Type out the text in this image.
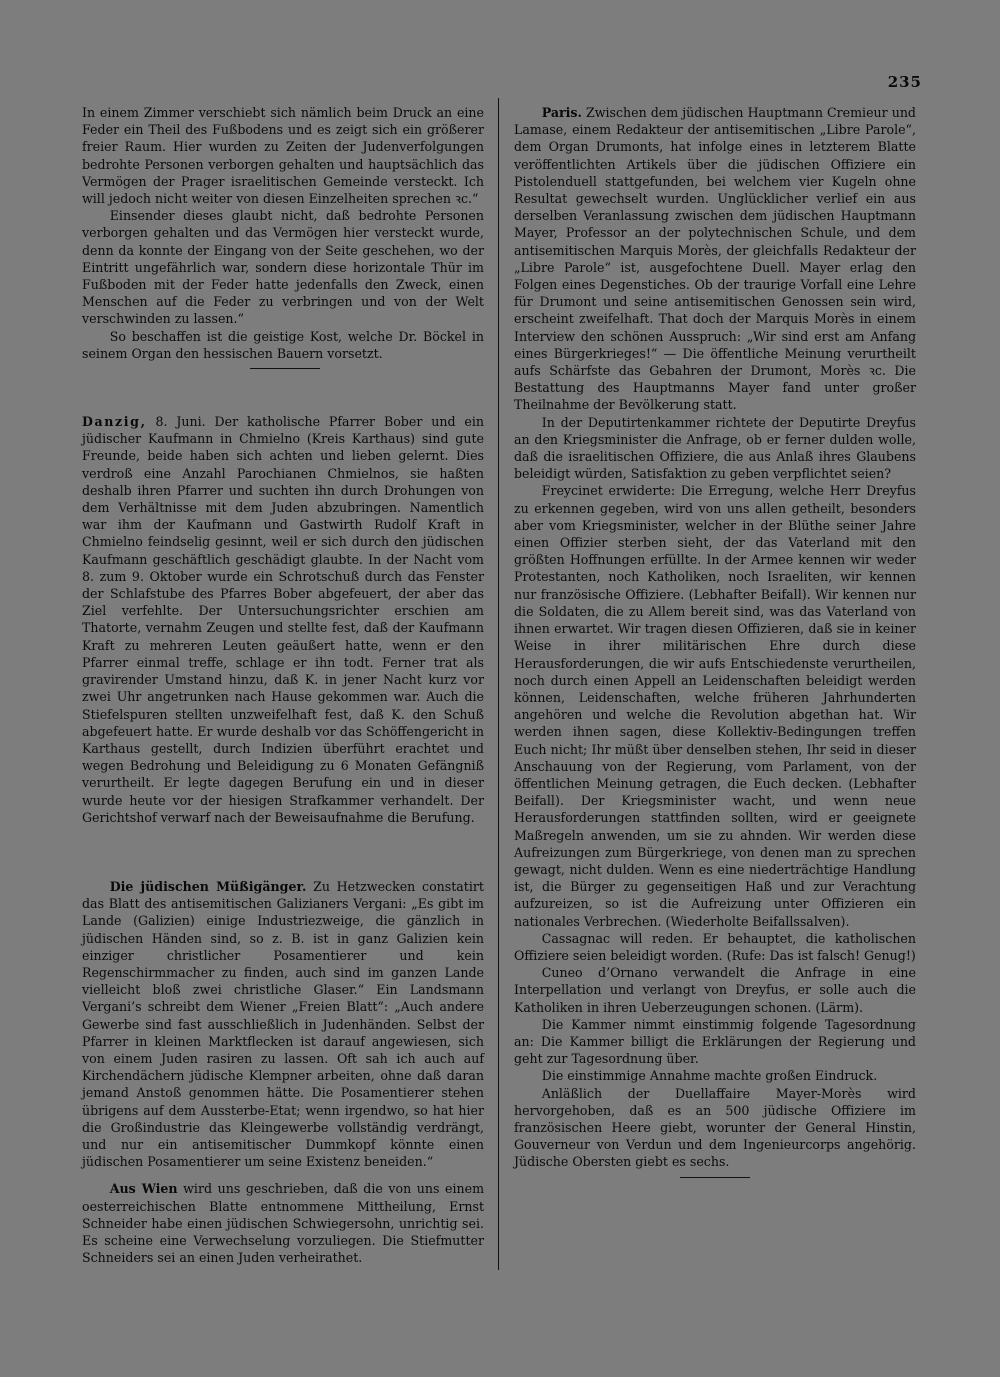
235

In einem Zimmer verschiebt sich nämlich beim Druck an eine Feder ein Theil des Fußbodens und es zeigt sich ein größerer freier Raum. Hier wurden zu Zeiten der Judenverfolgungen bedrohte Personen verborgen gehalten und hauptsächlich das Vermögen der Prager israelitischen Gemeinde versteckt. Ich will jedoch nicht weiter von diesen Einzelheiten sprechen ꝛc.“

Einsender dieses glaubt nicht, daß bedrohte Personen verborgen gehalten und das Vermögen hier versteckt wurde, denn da konnte der Eingang von der Seite geschehen, wo der Eintritt ungefährlich war, sondern diese horizontale Thür im Fußboden mit der Feder hatte jedenfalls den Zweck, einen Menschen auf die Feder zu verbringen und von der Welt verschwinden zu lassen.“

So beschaffen ist die geistige Kost, welche Dr. Böckel in seinem Organ den hessischen Bauern vorsetzt.

Danzig, 8. Juni. Der katholische Pfarrer Bober und ein jüdischer Kaufmann in Chmielno (Kreis Karthaus) sind gute Freunde, beide haben sich achten und lieben gelernt. Dies verdroß eine Anzahl Parochianen Chmielnos, sie haßten deshalb ihren Pfarrer und suchten ihn durch Drohungen von dem Verhältnisse mit dem Juden abzubringen. Namentlich war ihm der Kaufmann und Gastwirth Rudolf Kraft in Chmielno feindselig gesinnt, weil er sich durch den jüdischen Kaufmann geschäftlich geschädigt glaubte. In der Nacht vom 8. zum 9. Oktober wurde ein Schrotschuß durch das Fenster der Schlafstube des Pfarres Bober abgefeuert, der aber das Ziel verfehlte. Der Untersuchungsrichter erschien am Thatorte, vernahm Zeugen und stellte fest, daß der Kaufmann Kraft zu mehreren Leuten geäußert hatte, wenn er den Pfarrer einmal treffe, schlage er ihn todt. Ferner trat als gravirender Umstand hinzu, daß K. in jener Nacht kurz vor zwei Uhr angetrunken nach Hause gekommen war. Auch die Stiefelspuren stellten unzweifelhaft fest, daß K. den Schuß abgefeuert hatte. Er wurde deshalb vor das Schöffengericht in Karthaus gestellt, durch Indizien überführt erachtet und wegen Bedrohung und Beleidigung zu 6 Monaten Gefängniß verurtheilt. Er legte dagegen Berufung ein und in dieser wurde heute vor der hiesigen Strafkammer verhandelt. Der Gerichtshof verwarf nach der Beweisaufnahme die Berufung.

Die jüdischen Müßigänger. Zu Hetzwecken constatirt das Blatt des antisemitischen Galizianers Vergani: „Es gibt im Lande (Galizien) einige Industriezweige, die gänzlich in jüdischen Händen sind, so z. B. ist in ganz Galizien kein einziger christlicher Posamentierer und kein Regenschirmmacher zu finden, auch sind im ganzen Lande vielleicht bloß zwei christliche Glaser.“ Ein Landsmann Vergani’s schreibt dem Wiener „Freien Blatt“: „Auch andere Gewerbe sind fast ausschließlich in Judenhänden. Selbst der Pfarrer in kleinen Marktflecken ist darauf angewiesen, sich von einem Juden rasiren zu lassen. Oft sah ich auch auf Kirchendächern jüdische Klempner arbeiten, ohne daß daran jemand Anstoß genommen hätte. Die Posamentierer stehen übrigens auf dem Aussterbe-Etat; wenn irgendwo, so hat hier die Großindustrie das Kleingewerbe vollständig verdrängt, und nur ein antisemitischer Dummkopf könnte einen jüdischen Posamentierer um seine Existenz beneiden.“

Aus Wien wird uns geschrieben, daß die von uns einem oesterreichischen Blatte entnommene Mittheilung, Ernst Schneider habe einen jüdischen Schwiegersohn, unrichtig sei. Es scheine eine Verwechselung vorzuliegen. Die Stiefmutter Schneiders sei an einen Juden verheirathet.

Paris. Zwischen dem jüdischen Hauptmann Cremieur und Lamase, einem Redakteur der antisemitischen „Libre Parole“, dem Organ Drumonts, hat infolge eines in letzterem Blatte veröffentlichten Artikels über die jüdischen Offiziere ein Pistolenduell stattgefunden, bei welchem vier Kugeln ohne Resultat gewechselt wurden. Unglücklicher verlief ein aus derselben Veranlassung zwischen dem jüdischen Hauptmann Mayer, Professor an der polytechnischen Schule, und dem antisemitischen Marquis Morès, der gleichfalls Redakteur der „Libre Parole“ ist, ausgefochtene Duell. Mayer erlag den Folgen eines Degenstiches. Ob der traurige Vorfall eine Lehre für Drumont und seine antisemitischen Genossen sein wird, erscheint zweifelhaft. That doch der Marquis Morès in einem Interview den schönen Ausspruch: „Wir sind erst am Anfang eines Bürgerkrieges!“ — Die öffentliche Meinung verurtheilt aufs Schärfste das Gebahren der Drumont, Morès ꝛc. Die Bestattung des Hauptmanns Mayer fand unter großer Theilnahme der Bevölkerung statt.

In der Deputirtenkammer richtete der Deputirte Dreyfus an den Kriegsminister die Anfrage, ob er ferner dulden wolle, daß die israelitischen Offiziere, die aus Anlaß ihres Glaubens beleidigt würden, Satisfaktion zu geben verpflichtet seien?

Freycinet erwiderte: Die Erregung, welche Herr Dreyfus zu erkennen gegeben, wird von uns allen getheilt, besonders aber vom Kriegsminister, welcher in der Blüthe seiner Jahre einen Offizier sterben sieht, der das Vaterland mit den größten Hoffnungen erfüllte. In der Armee kennen wir weder Protestanten, noch Katholiken, noch Israeliten, wir kennen nur französische Offiziere. (Lebhafter Beifall). Wir kennen nur die Soldaten, die zu Allem bereit sind, was das Vaterland von ihnen erwartet. Wir tragen diesen Offizieren, daß sie in keiner Weise in ihrer militärischen Ehre durch diese Herausforderungen, die wir aufs Entschiedenste verurtheilen, noch durch einen Appell an Leidenschaften beleidigt werden können, Leidenschaften, welche früheren Jahrhunderten angehören und welche die Revolution abgethan hat. Wir werden ihnen sagen, diese Kollektiv-Bedingungen treffen Euch nicht; Ihr müßt über denselben stehen, Ihr seid in dieser Anschauung von der Regierung, vom Parlament, von der öffentlichen Meinung getragen, die Euch decken. (Lebhafter Beifall). Der Kriegsminister wacht, und wenn neue Herausforderungen stattfinden sollten, wird er geeignete Maßregeln anwenden, um sie zu ahnden. Wir werden diese Aufreizungen zum Bürgerkriege, von denen man zu sprechen gewagt, nicht dulden. Wenn es eine niederträchtige Handlung ist, die Bürger zu gegenseitigen Haß und zur Verachtung aufzureizen, so ist die Aufreizung unter Offizieren ein nationales Verbrechen. (Wiederholte Beifallssalven).

Cassagnac will reden. Er behauptet, die katholischen Offiziere seien beleidigt worden. (Rufe: Das ist falsch! Genug!)

Cuneo d’Ornano verwandelt die Anfrage in eine Interpellation und verlangt von Dreyfus, er solle auch die Katholiken in ihren Ueberzeugungen schonen. (Lärm).

Die Kammer nimmt einstimmig folgende Tagesordnung an: Die Kammer billigt die Erklärungen der Regierung und geht zur Tagesordnung über.

Die einstimmige Annahme machte großen Eindruck.

Anläßlich der Duellaffaire Mayer-Morès wird hervorgehoben, daß es an 500 jüdische Offiziere im französischen Heere giebt, worunter der General Hinstin, Gouverneur von Verdun und dem Ingenieurcorps angehörig. Jüdische Obersten giebt es sechs.
